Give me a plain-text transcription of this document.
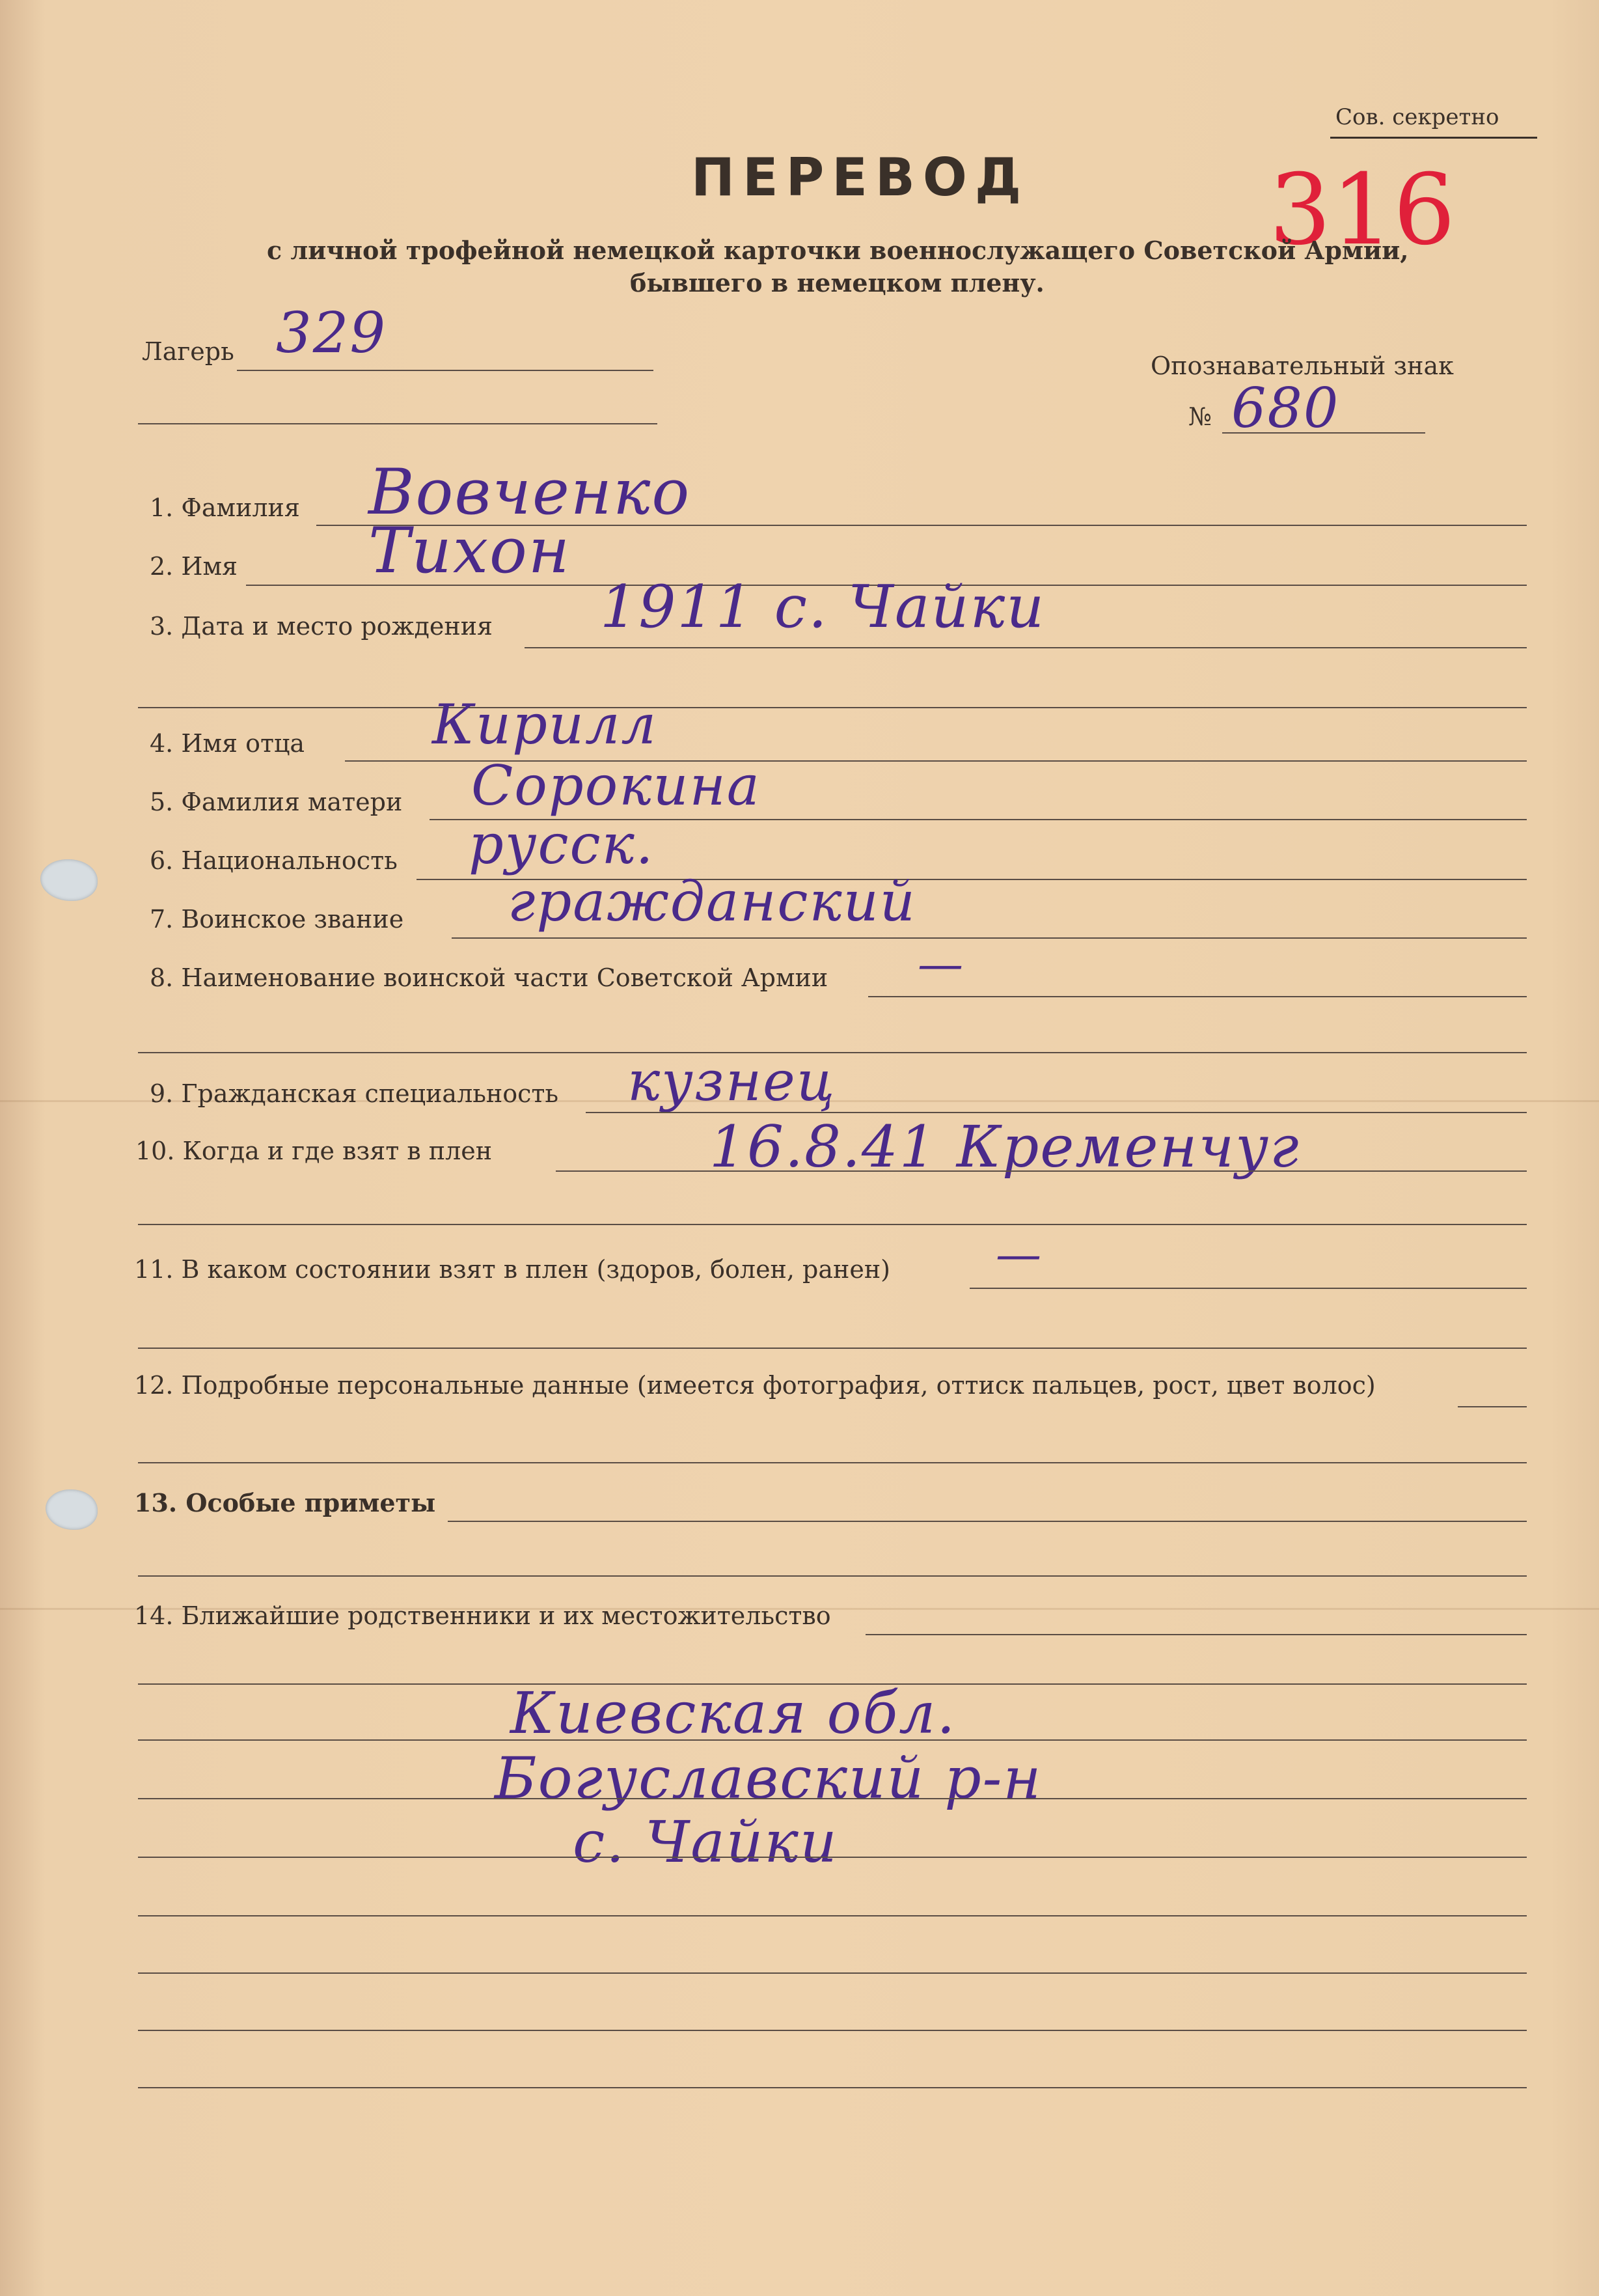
Сов. секретно
ПЕРЕВОД 316
с личной трофейной немецкой карточки военнослужащего Советской Армии,
бывшего в немецком плену.
Лагерь 329	Опознавательный знак
№ 680
1. Фамилия Вовченко
2. Имя Тихон
3. Дата и место рождения 1911 с. Чайки
4. Имя отца Кирилл
5. Фамилия матери Сорокина
6. Национальность русск.
7. Воинское звание гражданский
8. Наименование воинской части Советской Армии —
9. Гражданская специальность кузнец
10. Когда и где взят в плен	16.8.41 Кременчуг
11. В каком состоянии взят в плен (здоров, болен, ранен) —
12. Подробные персональные данные (имеется фотография, оттиск пальцев, рост, цвет волос)
13. Особые приметы
14. Ближайшие родственники и их местожительство
Киевская обл.
Богуславский р-н
с. Чайки
